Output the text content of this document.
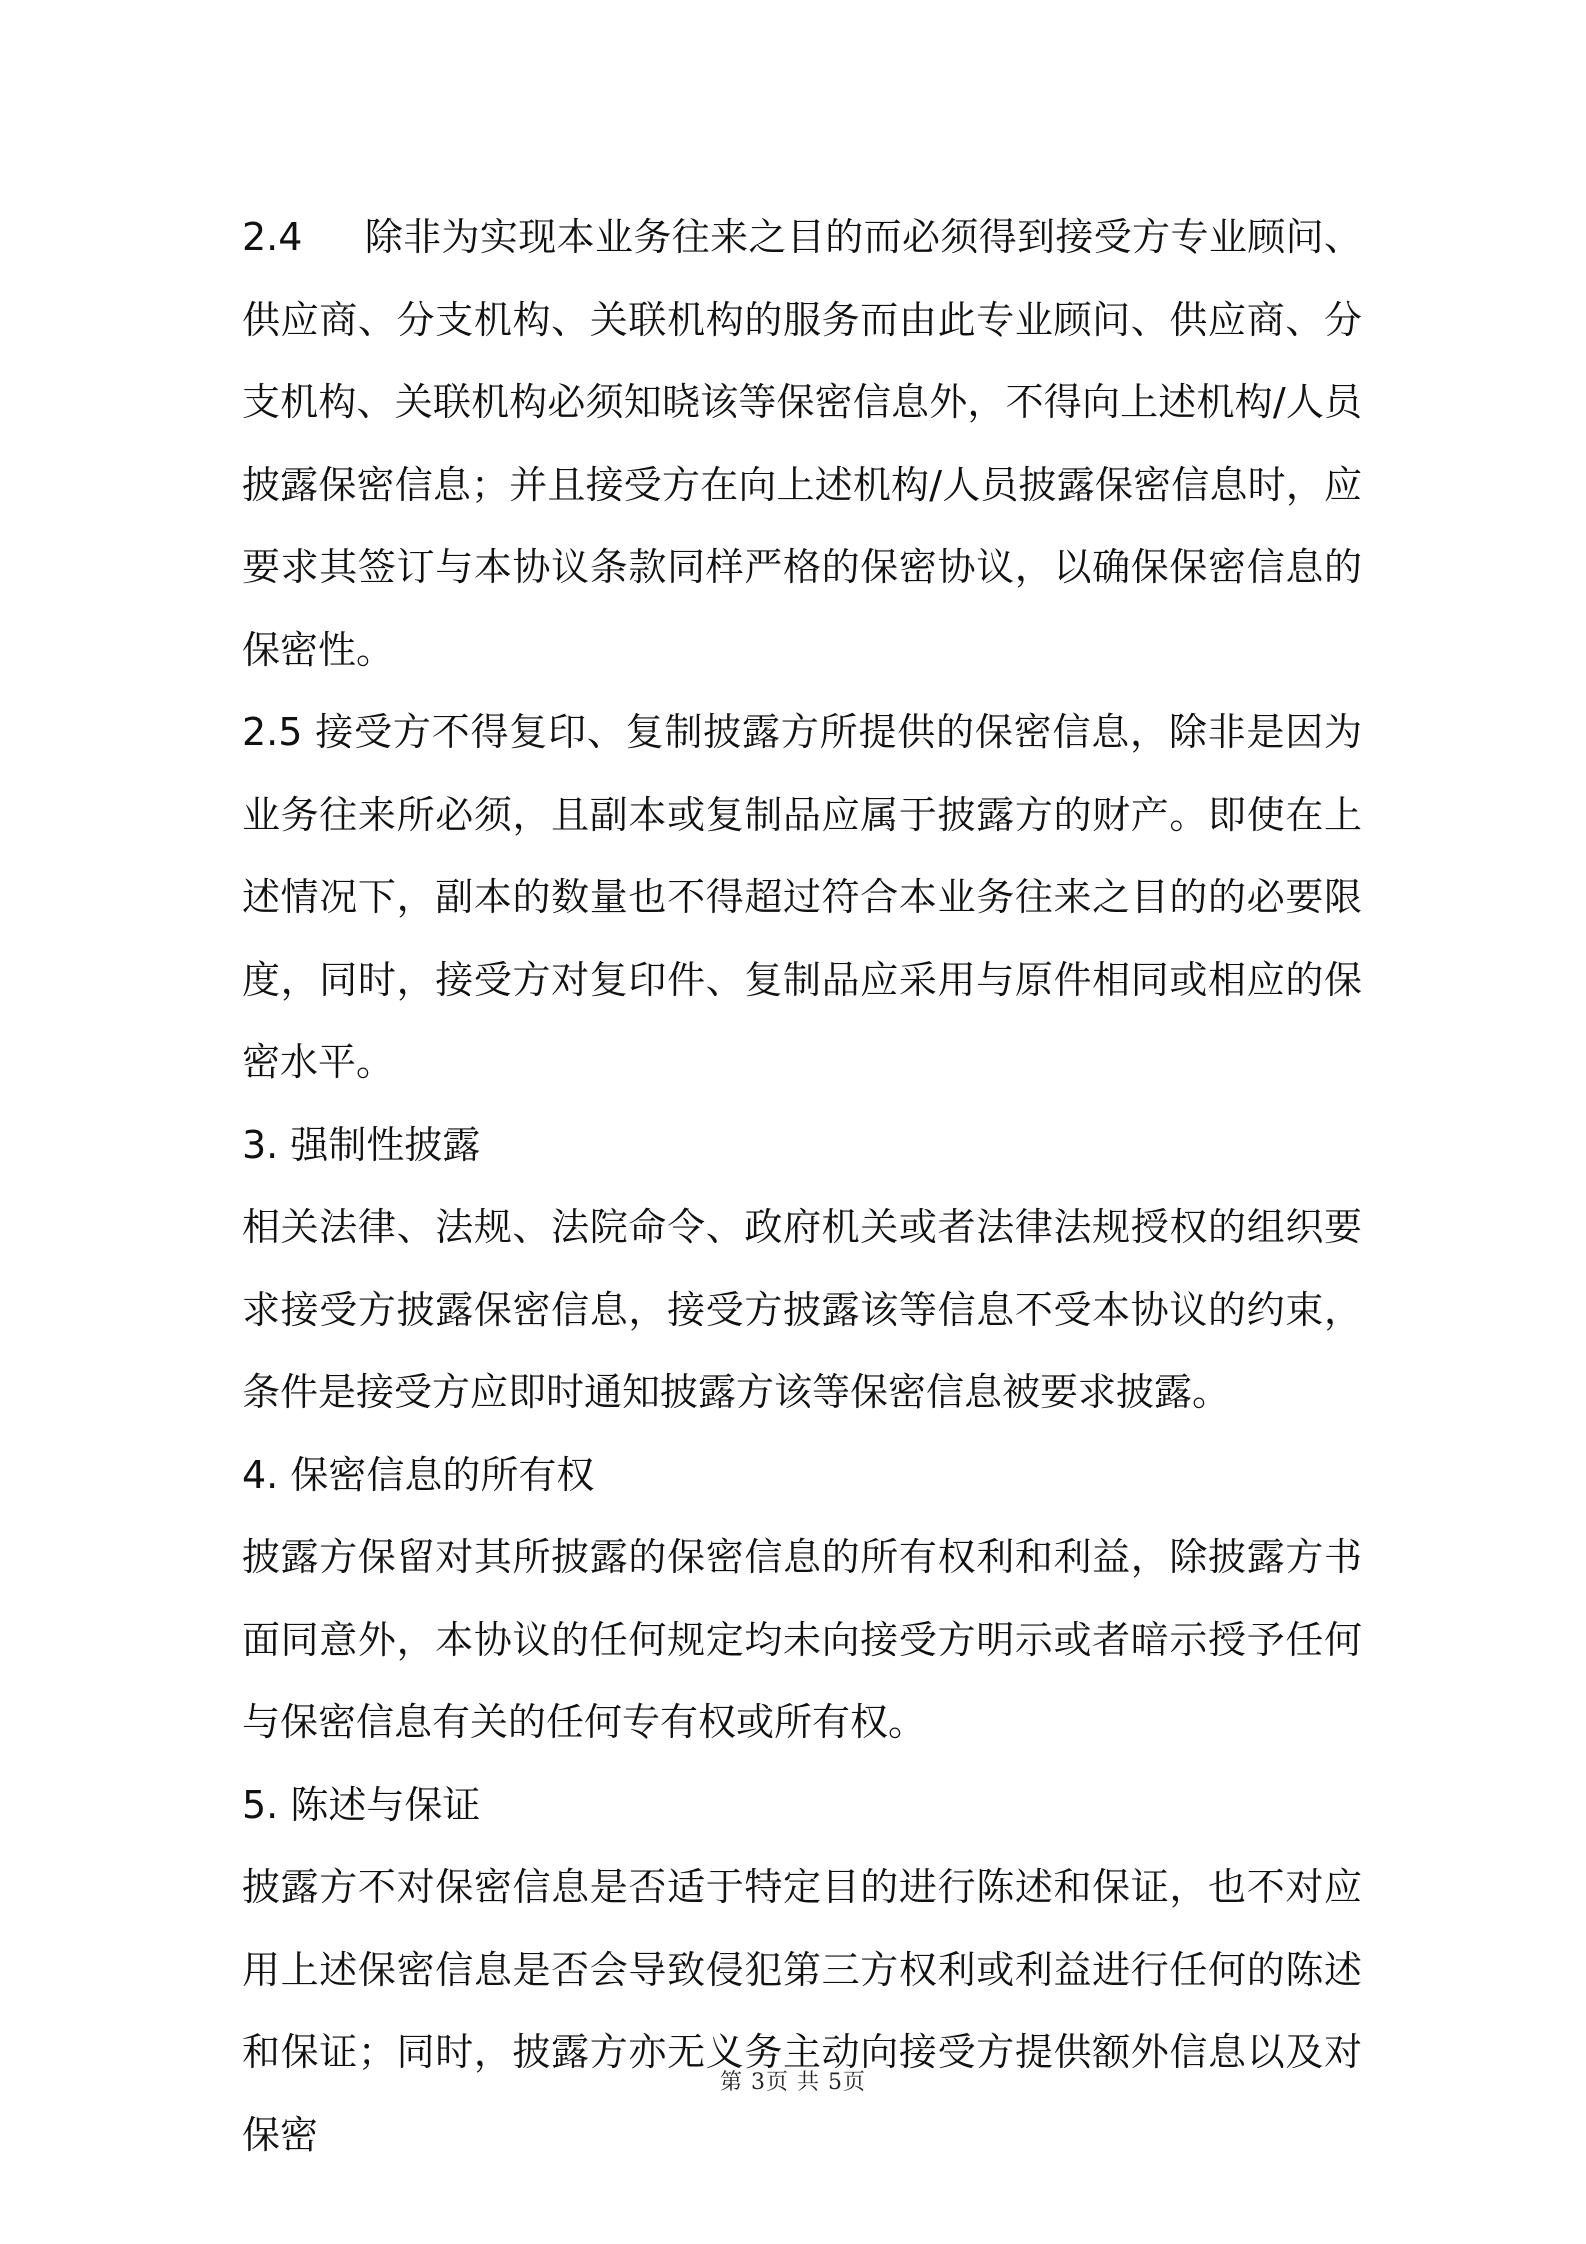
2.4 除非为实现本业务往来之目的而必须得到接受方专业顾问、供应商、分支机构、关联机构的服务而由此专业顾问、供应商、分支机构、关联机构必须知晓该等保密信息外，不得向上述机构/人员披露保密信息；并且接受方在向上述机构/人员披露保密信息时，应要求其签订与本协议条款同样严格的保密协议，以确保保密信息的保密性。

2.5 接受方不得复印、复制披露方所提供的保密信息，除非是因为业务往来所必须，且副本或复制品应属于披露方的财产。即使在上述情况下，副本的数量也不得超过符合本业务往来之目的的必要限度，同时，接受方对复印件、复制品应采用与原件相同或相应的保密水平。

3. 强制性披露

相关法律、法规、法院命令、政府机关或者法律法规授权的组织要求接受方披露保密信息，接受方披露该等信息不受本协议的约束，条件是接受方应即时通知披露方该等保密信息被要求披露。

4. 保密信息的所有权

披露方保留对其所披露的保密信息的所有权利和利益，除披露方书面同意外，本协议的任何规定均未向接受方明示或者暗示授予任何与保密信息有关的任何专有权或所有权。

5. 陈述与保证

披露方不对保密信息是否适于特定目的进行陈述和保证，也不对应用上述保密信息是否会导致侵犯第三方权利或利益进行任何的陈述和保证；同时，披露方亦无义务主动向接受方提供额外信息以及对保密

第 3页 共 5页
